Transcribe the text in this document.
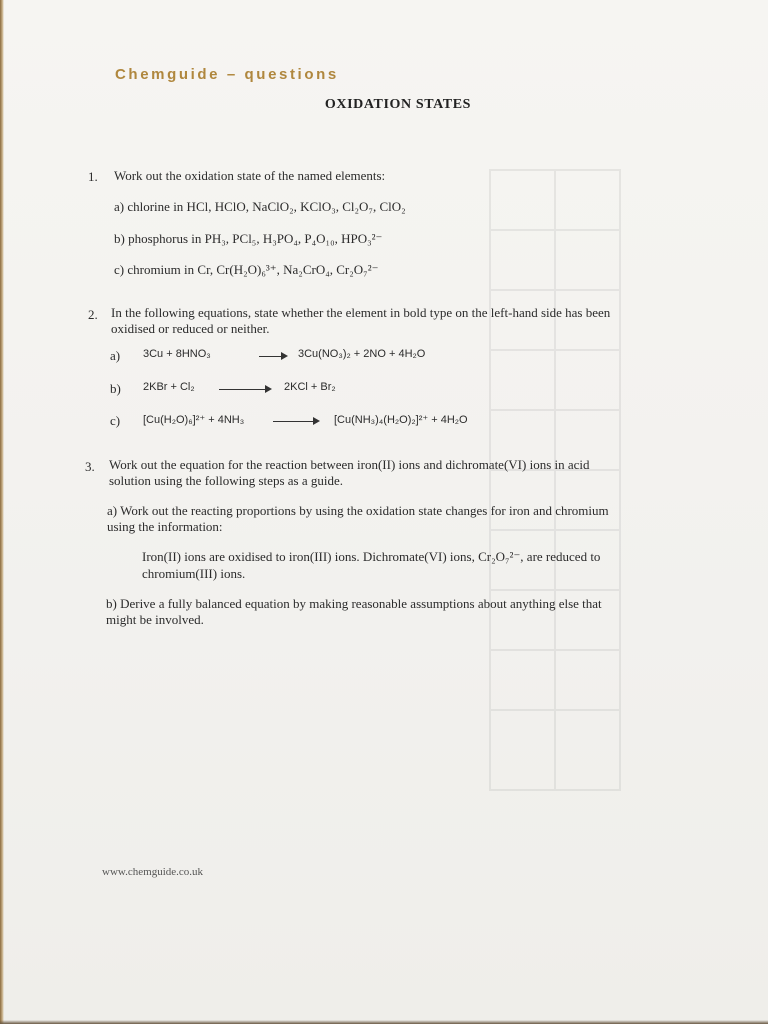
Chemguide – questions
OXIDATION STATES
1. Work out the oxidation state of the named elements:
a) chlorine in HCl, HClO, NaClO₂, KClO₃, Cl₂O₇, ClO₂
b) phosphorus in PH₃, PCl₅, H₃PO₄, P₄O₁₀, HPO₃²⁻
c) chromium in Cr, Cr(H₂O)₆³⁺, Na₂CrO₄, Cr₂O₇²⁻
2. In the following equations, state whether the element in bold type on the left-hand side has been
oxidised or reduced or neither.
a) 3Cu + 8HNO₃	→ 3Cu(NO₃)₂ + 2NO + 4H₂O
b) 2KBr + Cl₂ → 2KCl + Br₂
c) [Cu(H₂O)₆]²⁺ + 4NH₃ → [Cu(NH₃)₄(H₂O)₂]²⁺ + 4H₂O
3. Work out the equation for the reaction between iron(II) ions and dichromate(VI) ions in acid
solution using the following steps as a guide.
a) Work out the reacting proportions by using the oxidation state changes for iron and chromium
using the information:
Iron(II) ions are oxidised to iron(III) ions. Dichromate(VI) ions, Cr₂O₇²⁻, are reduced to
chromium(III) ions.
b) Derive a fully balanced equation by making reasonable assumptions about anything else that
might be involved.
www.chemguide.co.uk
